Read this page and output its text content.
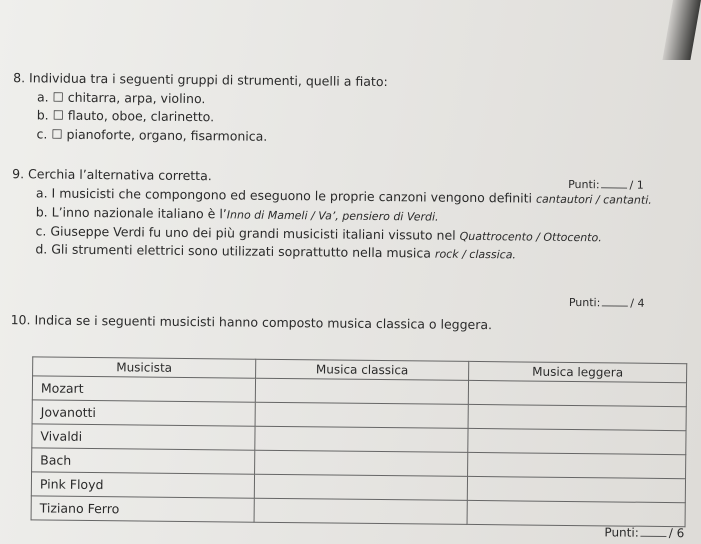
8. Individua tra i seguenti gruppi di strumenti, quelli a fiato:
a. ☐ chitarra, arpa, violino.
b. ☐ flauto, oboe, clarinetto.
c. ☐ pianoforte, organo, fisarmonica.
9. Cerchia l’alternativa corretta.
Punti:	/ 1
a. I musicisti che compongono ed eseguono le proprie canzoni vengono definiti cantautori / cantanti.
b. L’inno nazionale italiano è l’Inno di Mameli / Va’, pensiero di Verdi.
c. Giuseppe Verdi fu uno dei più grandi musicisti italiani vissuto nel Quattrocento / Ottocento.
d. Gli strumenti elettrici sono utilizzati soprattutto nella musica rock / classica.
Punti:	/ 4
10. Indica se i seguenti musicisti hanno composto musica classica o leggera.
Musicista	Musica classica	Musica leggera
Mozart		
Jovanotti		
Vivaldi		
Bach		
Pink Floyd		
Tiziano Ferro		
Punti: / 6
